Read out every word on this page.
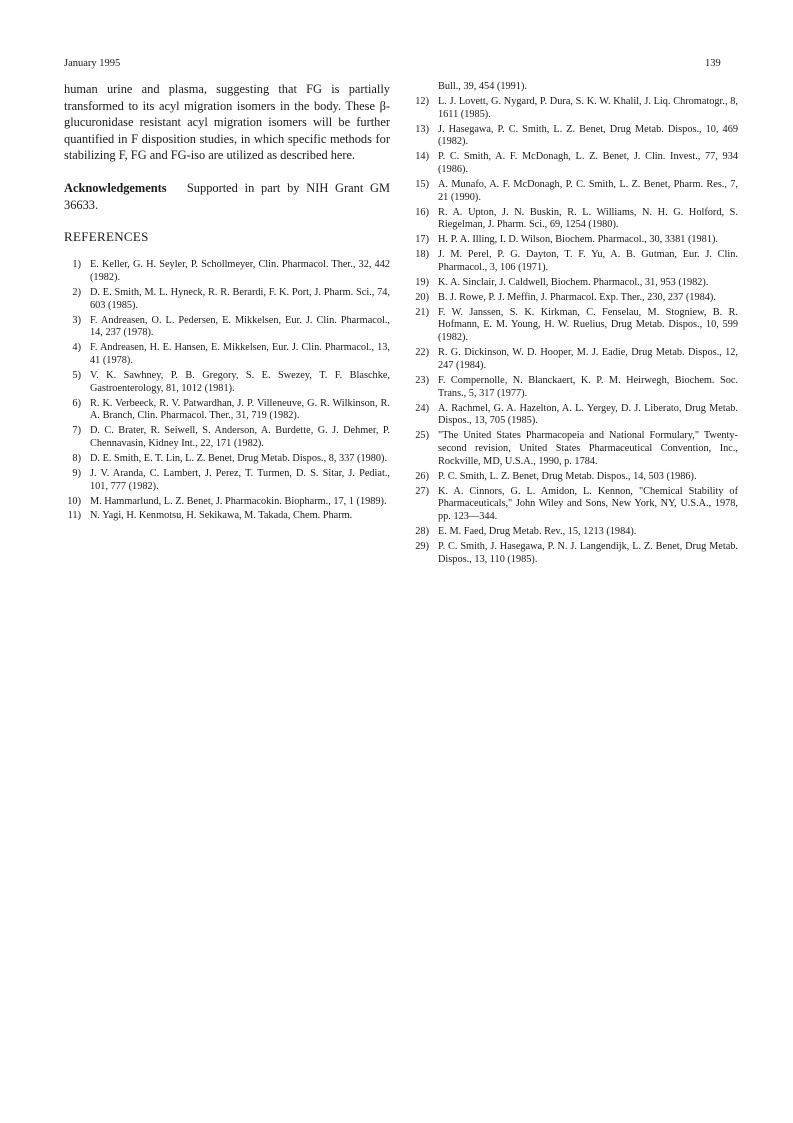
January 1995	139

human urine and plasma, suggesting that FG is partially transformed to its acyl migration isomers in the body. These β-glucuronidase resistant acyl migration isomers will be further quantified in F disposition studies, in which specific methods for stabilizing F, FG and FG-iso are utilized as described here.

Acknowledgements Supported in part by NIH Grant GM 36633.

REFERENCES
1) E. Keller, G. H. Seyler, P. Schollmeyer, Clin. Pharmacol. Ther., 32, 442 (1982).
2) D. E. Smith, M. L. Hyneck, R. R. Berardi, F. K. Port, J. Pharm. Sci., 74, 603 (1985).
3) F. Andreasen, O. L. Pedersen, E. Mikkelsen, Eur. J. Clin. Pharmacol., 14, 237 (1978).
4) F. Andreasen, H. E. Hansen, E. Mikkelsen, Eur. J. Clin. Pharmacol., 13, 41 (1978).
5) V. K. Sawhney, P. B. Gregory, S. E. Swezey, T. F. Blaschke, Gastroenterology, 81, 1012 (1981).
6) R. K. Verbeeck, R. V. Patwardhan, J. P. Villeneuve, G. R. Wilkinson, R. A. Branch, Clin. Pharmacol. Ther., 31, 719 (1982).
7) D. C. Brater, R. Seiwell, S. Anderson, A. Burdette, G. J. Dehmer, P. Chennavasin, Kidney Int., 22, 171 (1982).
8) D. E. Smith, E. T. Lin, L. Z. Benet, Drug Metab. Dispos., 8, 337 (1980).
9) J. V. Aranda, C. Lambert, J. Perez, T. Turmen, D. S. Sitar, J. Pediat., 101, 777 (1982).
10) M. Hammarlund, L. Z. Benet, J. Pharmacokin. Biopharm., 17, 1 (1989).
11) N. Yagi, H. Kenmotsu, H. Sekikawa, M. Takada, Chem. Pharm.
Bull., 39, 454 (1991).
12) L. J. Lovett, G. Nygard, P. Dura, S. K. W. Khalil, J. Liq. Chromatogr., 8, 1611 (1985).
13) J. Hasegawa, P. C. Smith, L. Z. Benet, Drug Metab. Dispos., 10, 469 (1982).
14) P. C. Smith, A. F. McDonagh, L. Z. Benet, J. Clin. Invest., 77, 934 (1986).
15) A. Munafo, A. F. McDonagh, P. C. Smith, L. Z. Benet, Pharm. Res., 7, 21 (1990).
16) R. A. Upton, J. N. Buskin, R. L. Williams, N. H. G. Holford, S. Riegelman, J. Pharm. Sci., 69, 1254 (1980).
17) H. P. A. Illing, I. D. Wilson, Biochem. Pharmacol., 30, 3381 (1981).
18) J. M. Perel, P. G. Dayton, T. F. Yu, A. B. Gutman, Eur. J. Clin. Pharmacol., 3, 106 (1971).
19) K. A. Sinclair, J. Caldwell, Biochem. Pharmacol., 31, 953 (1982).
20) B. J. Rowe, P. J. Meffin, J. Pharmacol. Exp. Ther., 230, 237 (1984).
21) F. W. Janssen, S. K. Kirkman, C. Fenselau, M. Stogniew, B. R. Hofmann, E. M. Young, H. W. Ruelius, Drug Metab. Dispos., 10, 599 (1982).
22) R. G. Dickinson, W. D. Hooper, M. J. Eadie, Drug Metab. Dispos., 12, 247 (1984).
23) F. Compernolle, N. Blanckaert, K. P. M. Heirwegh, Biochem. Soc. Trans., 5, 317 (1977).
24) A. Rachmel, G. A. Hazelton, A. L. Yergey, D. J. Liberato, Drug Metab. Dispos., 13, 705 (1985).
25) "The United States Pharmacopeia and National Formulary," Twenty-second revision, United States Pharmaceutical Convention, Inc., Rockville, MD, U.S.A., 1990, p. 1784.
26) P. C. Smith, L. Z. Benet, Drug Metab. Dispos., 14, 503 (1986).
27) K. A. Cinnors, G. L. Amidon, L. Kennon, "Chemical Stability of Pharmaceuticals," John Wiley and Sons, New York, NY, U.S.A., 1978, pp. 123—344.
28) E. M. Faed, Drug Metab. Rev., 15, 1213 (1984).
29) P. C. Smith, J. Hasegawa, P. N. J. Langendijk, L. Z. Benet, Drug Metab. Dispos., 13, 110 (1985).
